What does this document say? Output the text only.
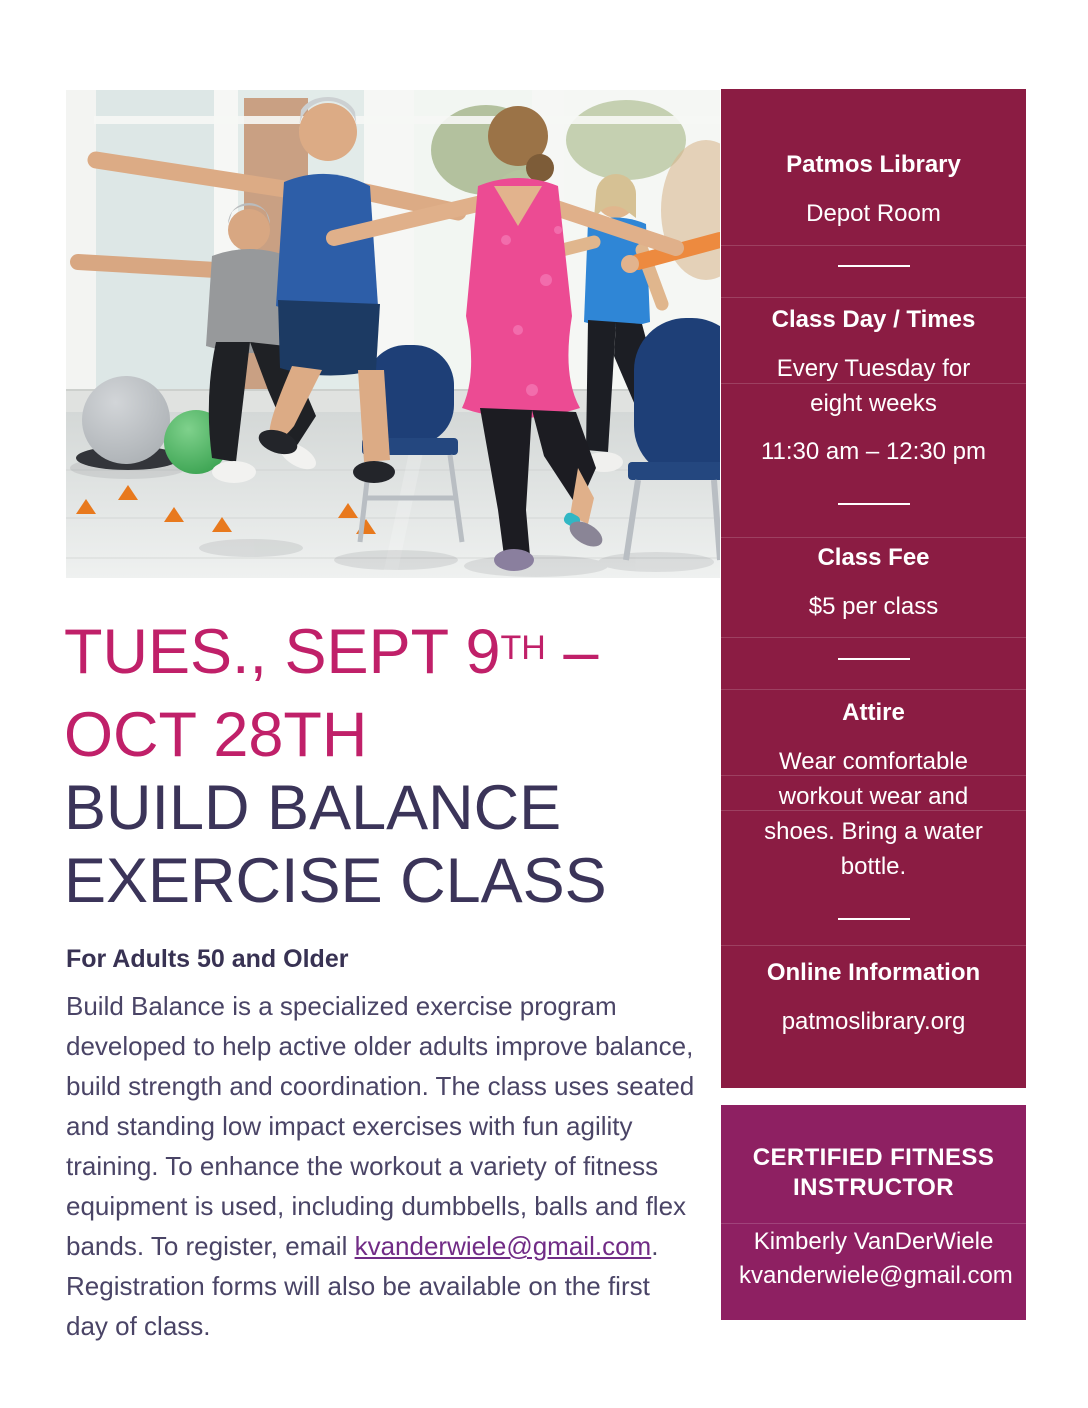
Patmos Library

Depot Room

Class Day / Times

Every Tuesday for eight weeks

11:30 am – 12:30 pm

Class Fee

$5 per class

Attire

Wear comfortable workout wear and shoes. Bring a water bottle.

Online Information

patmoslibrary.org

CERTIFIED FITNESS INSTRUCTOR

Kimberly VanDerWiele

kvanderwiele@gmail.com

TUES., SEPT 9TH –
OCT 28TH
BUILD BALANCE
EXERCISE CLASS
For Adults 50 and Older

Build Balance is a specialized exercise program developed to help active older adults improve balance, build strength and coordination. The class uses seated and standing low impact exercises with fun agility training. To enhance the workout a variety of fitness equipment is used, including dumbbells, balls and flex bands. To register, email kvanderwiele@gmail.com. Registration forms will also be available on the first day of class.
